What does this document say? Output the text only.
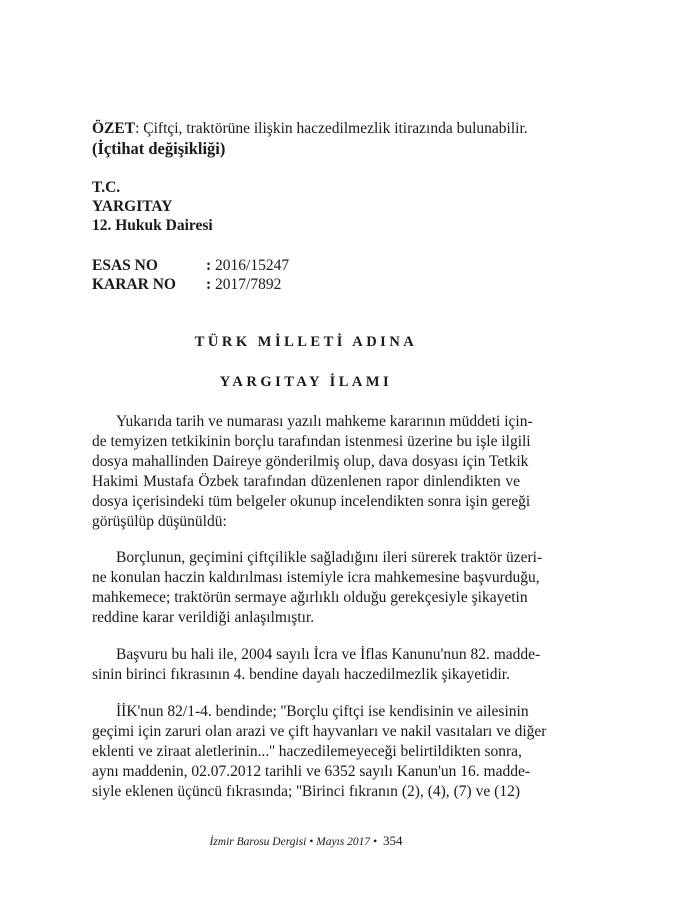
ÖZET: Çiftçi, traktörüne ilişkin haczedilmezlik itirazında bulunabilir.
(İçtihat değişikliği)
T.C.
YARGITAY
12. Hukuk Dairesi
ESAS NO	: 2016/15247
KARAR NO : 2017/7892
TÜRK MİLLETİ ADINA
YARGITAY İLAMI
Yukarıda tarih ve numarası yazılı mahkeme kararının müddeti için-
de temyizen tetkikinin borçlu tarafından istenmesi üzerine bu işle ilgili
dosya mahallinden Daireye gönderilmiş olup, dava dosyası için Tetkik
Hakimi Mustafa Özbek tarafından düzenlenen rapor dinlendikten ve
dosya içerisindeki tüm belgeler okunup incelendikten sonra işin gereği
görüşülüp düşünüldü:
Borçlunun, geçimini çiftçilikle sağladığını ileri sürerek traktör üzeri-
ne konulan haczin kaldırılması istemiyle icra mahkemesine başvurduğu,
mahkemece; traktörün sermaye ağırlıklı olduğu gerekçesiyle şikayetin
reddine karar verildiği anlaşılmıştır.
Başvuru bu hali ile, 2004 sayılı İcra ve İflas Kanunu'nun 82. madde-
sinin birinci fıkrasının 4. bendine dayalı haczedilmezlik şikayetidir.
İİK'nun 82/1-4. bendinde; ''Borçlu çiftçi ise kendisinin ve ailesinin
geçimi için zaruri olan arazi ve çift hayvanları ve nakil vasıtaları ve diğer
eklenti ve ziraat aletlerinin...'' haczedilemeyeceği belirtildikten sonra,
aynı maddenin, 02.07.2012 tarihli ve 6352 sayılı Kanun'un 16. madde-
siyle eklenen üçüncü fıkrasında; ''Birinci fıkranın (2), (4), (7) ve (12)
İzmir Barosu Dergisi • Mayıs 2017 • 354
